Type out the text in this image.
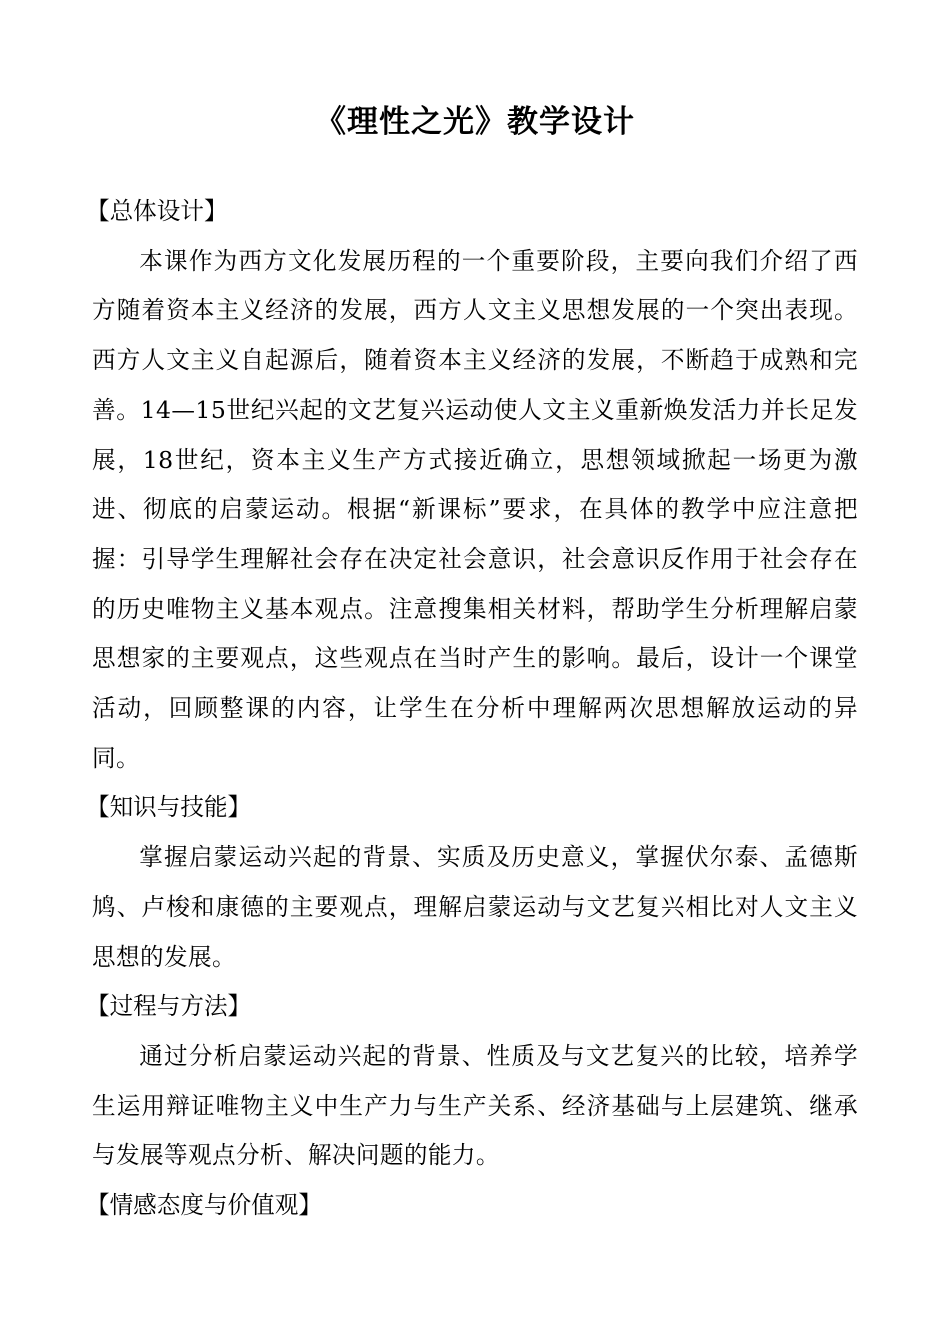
《理性之光》教学设计

【总体设计】

本课作为西方文化发展历程的一个重要阶段，主要向我们介绍了西方随着资本主义经济的发展，西方人文主义思想发展的一个突出表现。西方人文主义自起源后，随着资本主义经济的发展，不断趋于成熟和完善。14—15世纪兴起的文艺复兴运动使人文主义重新焕发活力并长足发展，18世纪，资本主义生产方式接近确立，思想领域掀起一场更为激进、彻底的启蒙运动。根据“新课标”要求，在具体的教学中应注意把握：引导学生理解社会存在决定社会意识，社会意识反作用于社会存在的历史唯物主义基本观点。注意搜集相关材料，帮助学生分析理解启蒙思想家的主要观点，这些观点在当时产生的影响。最后，设计一个课堂活动，回顾整课的内容，让学生在分析中理解两次思想解放运动的异同。

【知识与技能】

掌握启蒙运动兴起的背景、实质及历史意义，掌握伏尔泰、孟德斯鸠、卢梭和康德的主要观点，理解启蒙运动与文艺复兴相比对人文主义思想的发展。

【过程与方法】

通过分析启蒙运动兴起的背景、性质及与文艺复兴的比较，培养学生运用辩证唯物主义中生产力与生产关系、经济基础与上层建筑、继承与发展等观点分析、解决问题的能力。

【情感态度与价值观】
